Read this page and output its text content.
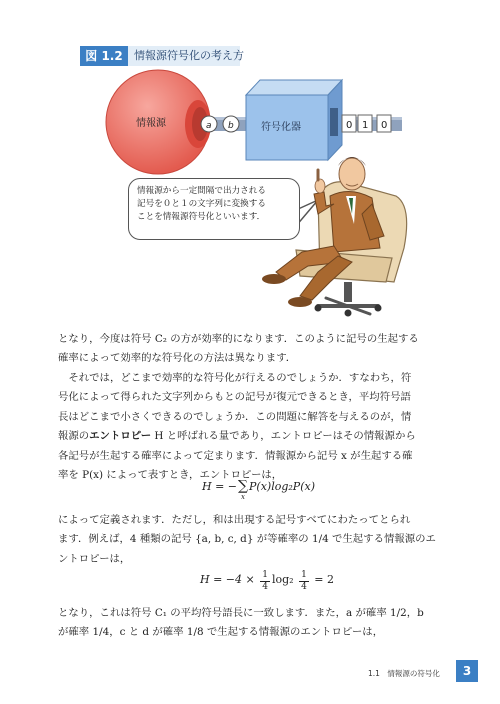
図 1.2	情報源符号化の考え方
情報源	a b	符号化器	0 1 0

情報源から一定間隔で出力される

記号を０と１の文字列に変換する

ことを情報源符号化といいます．

となり，今度は符号 C₂ の方が効率的になります．このように記号の生起する

確率によって効率的な符号化の方法は異なります．

　それでは，どこまで効率的な符号化が行えるのでしょうか．すなわち，符

号化によって得られた文字列からもとの記号が復元できるとき，平均符号語

長はどこまで小さくできるのでしょうか．この問題に解答を与えるのが，情

報源のエントロピー H と呼ばれる量であり，エントロピーはその情報源から

各記号が生起する確率によって定まります．情報源から記号 x が生起する確

率を P(x) によって表すとき，エントロピーは，

H = −∑
x
P(x)log₂P(x)

によって定義されます．ただし，和は出現する記号すべてにわたってとられ

ます．例えば，4 種類の記号 {a, b, c, d} が等確率の 1/4 で生起する情報源のエ

ントロピーは，

$H = -4 \times \frac{1}{4} \log_2 \frac{1}{4} = 2$

となり，これは符号 C₁ の平均符号語長に一致します．また，a が確率 1/2，b

が確率 1/4，c と d が確率 1/8 で生起する情報源のエントロピーは，

1.1　情報源の符号化	3
